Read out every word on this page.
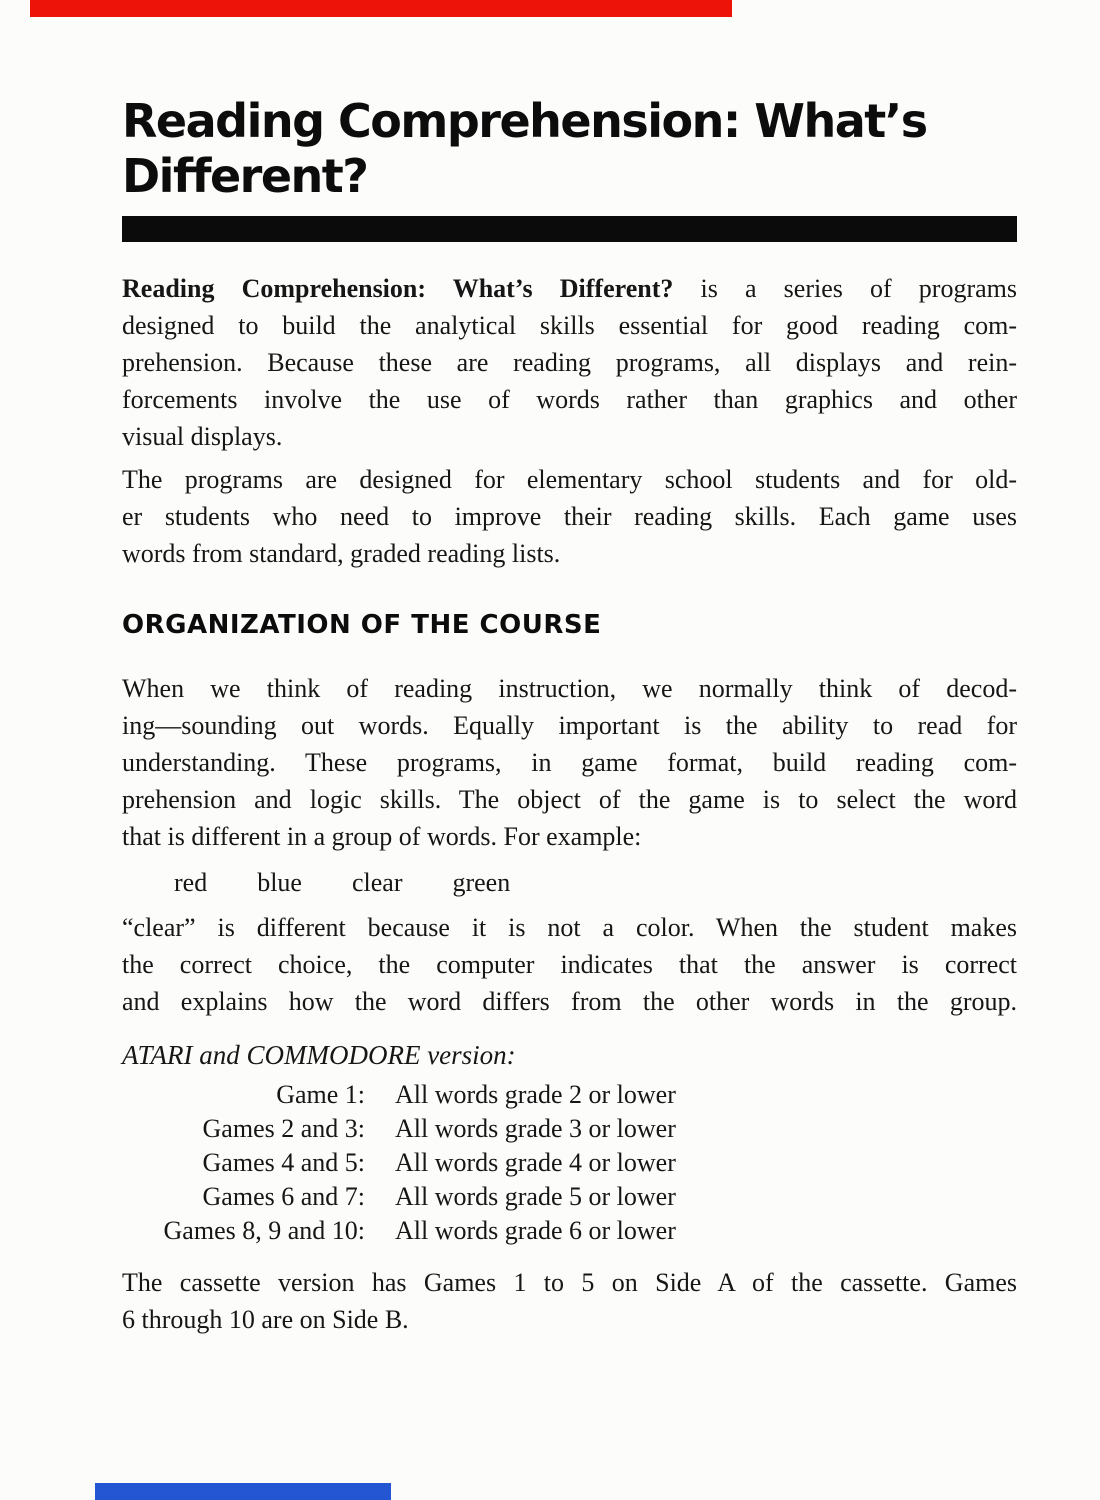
Reading Comprehension: What’s
Different?
Reading Comprehension: What’s Different? is a series of programs
designed to build the analytical skills essential for good reading com-
prehension. Because these are reading programs, all displays and rein-
forcements involve the use of words rather than graphics and other
visual displays.
The programs are designed for elementary school students and for old-
er students who need to improve their reading skills. Each game uses
words from standard, graded reading lists.
ORGANIZATION OF THE COURSE
When we think of reading instruction, we normally think of decod-
ing—sounding out words. Equally important is the ability to read for
understanding. These programs, in game format, build reading com-
prehension and logic skills. The object of the game is to select the word
that is different in a group of words. For example:
red blue clear green
“clear” is different because it is not a color. When the student makes
the correct choice, the computer indicates that the answer is correct
and explains how the word differs from the other words in the group.
ATARI and COMMODORE version:
Game 1: All words grade 2 or lower
Games 2 and 3: All words grade 3 or lower
Games 4 and 5: All words grade 4 or lower
Games 6 and 7: All words grade 5 or lower
Games 8, 9 and 10: All words grade 6 or lower
The cassette version has Games 1 to 5 on Side A of the cassette. Games
6 through 10 are on Side B.
